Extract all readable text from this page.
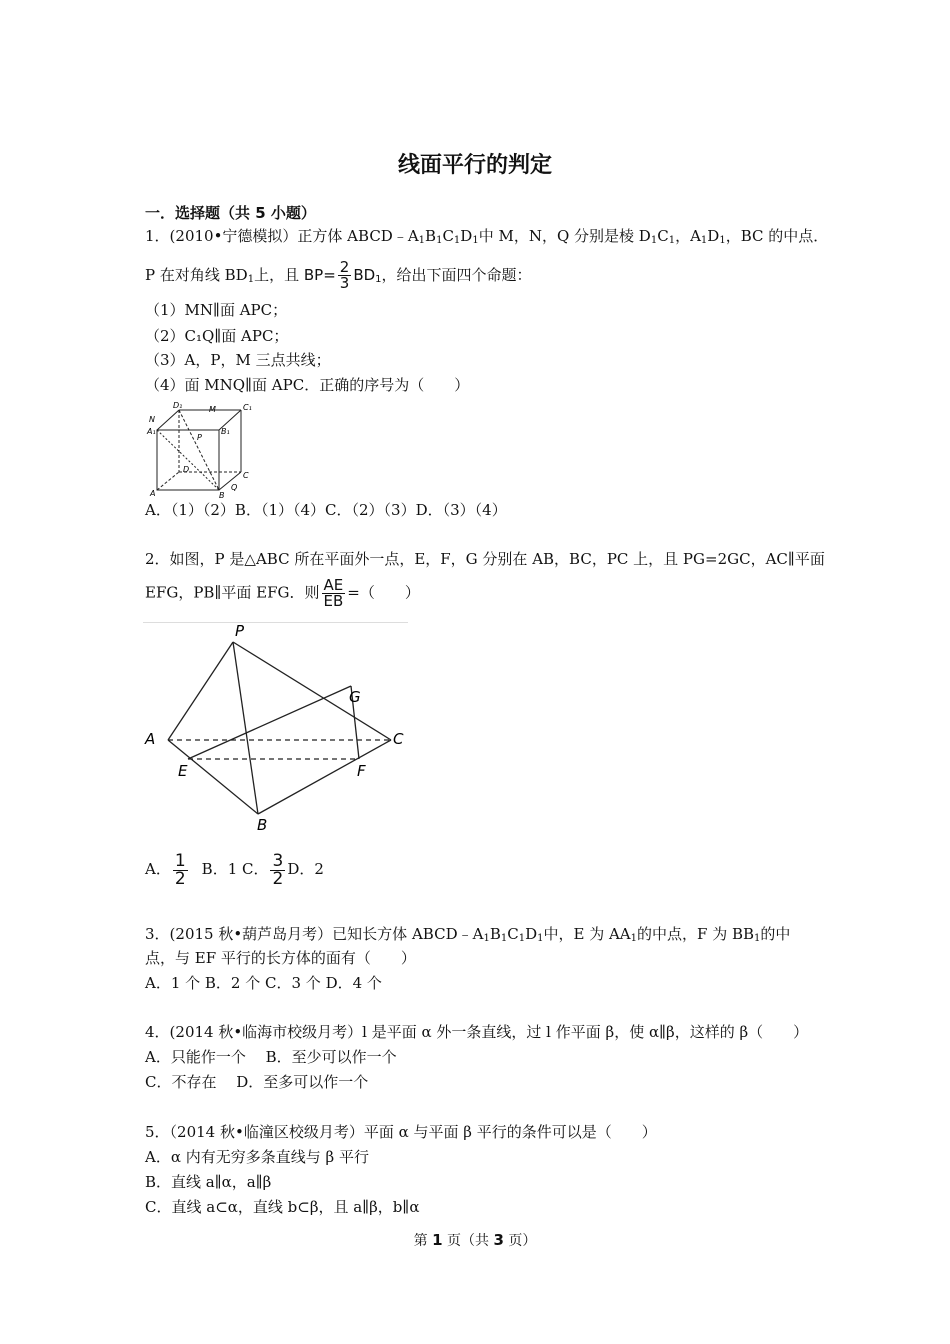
线面平行的判定
一．选择题（共 5 小题）
1．(2010•宁德模拟）正方体 $ABCD﹣A_1B_1C_1D_1$中 M，N，Q 分别是棱 $D_1C_1$，$A_1D_1$，BC 的中点．
P 在对角线 $BD_1$上，且 $BP= \frac{2}{3} BD_1$，给出下面四个命题：
（1）MN∥面 APC；
（2）C₁Q∥面 APC；
（3）A，P，M 三点共线；
（4）面 MNQ∥面 APC．正确的序号为（　　）
D₁	M	C₁
N
A₁	B₁
P
D
C
A	B
Q
A．（1）（2）B．（1）（4）C．（2）（3）D．（3）（4）
2．如图，P 是△ABC 所在平面外一点，E，F，G 分别在 AB，BC，PC 上，且 PG=2GC，AC∥平面
EFG，PB∥平面 EFG．则 $\frac{AE}{EB}$ =（　　）
P
G
A	C
E	F
B
A． $\frac{1}{2}$ B．1 C． $\frac{3}{2}$ D．2
3．(2015 秋•葫芦岛月考）已知长方体 $ABCD﹣A_1B_1C_1D_1$中，E 为 $AA_1$的中点，F 为 $BB_1$的中
点，与 EF 平行的长方体的面有（　　）
A．1 个 B．2 个 C．3 个 D．4 个
4．(2014 秋•临海市校级月考）l 是平面 α 外一条直线，过 l 作平面 β，使 α∥β，这样的 β（　　）
A．只能作一个　 B．至少可以作一个
C．不存在　 D．至多可以作一个
5．（2014 秋•临潼区校级月考）平面 α 与平面 β 平行的条件可以是（　　）
A．α 内有无穷多条直线与 β 平行
B．直线 a∥α，a∥β
C．直线 a⊂α，直线 b⊂β，且 a∥β，b∥α
第 1 页（共 3 页）
